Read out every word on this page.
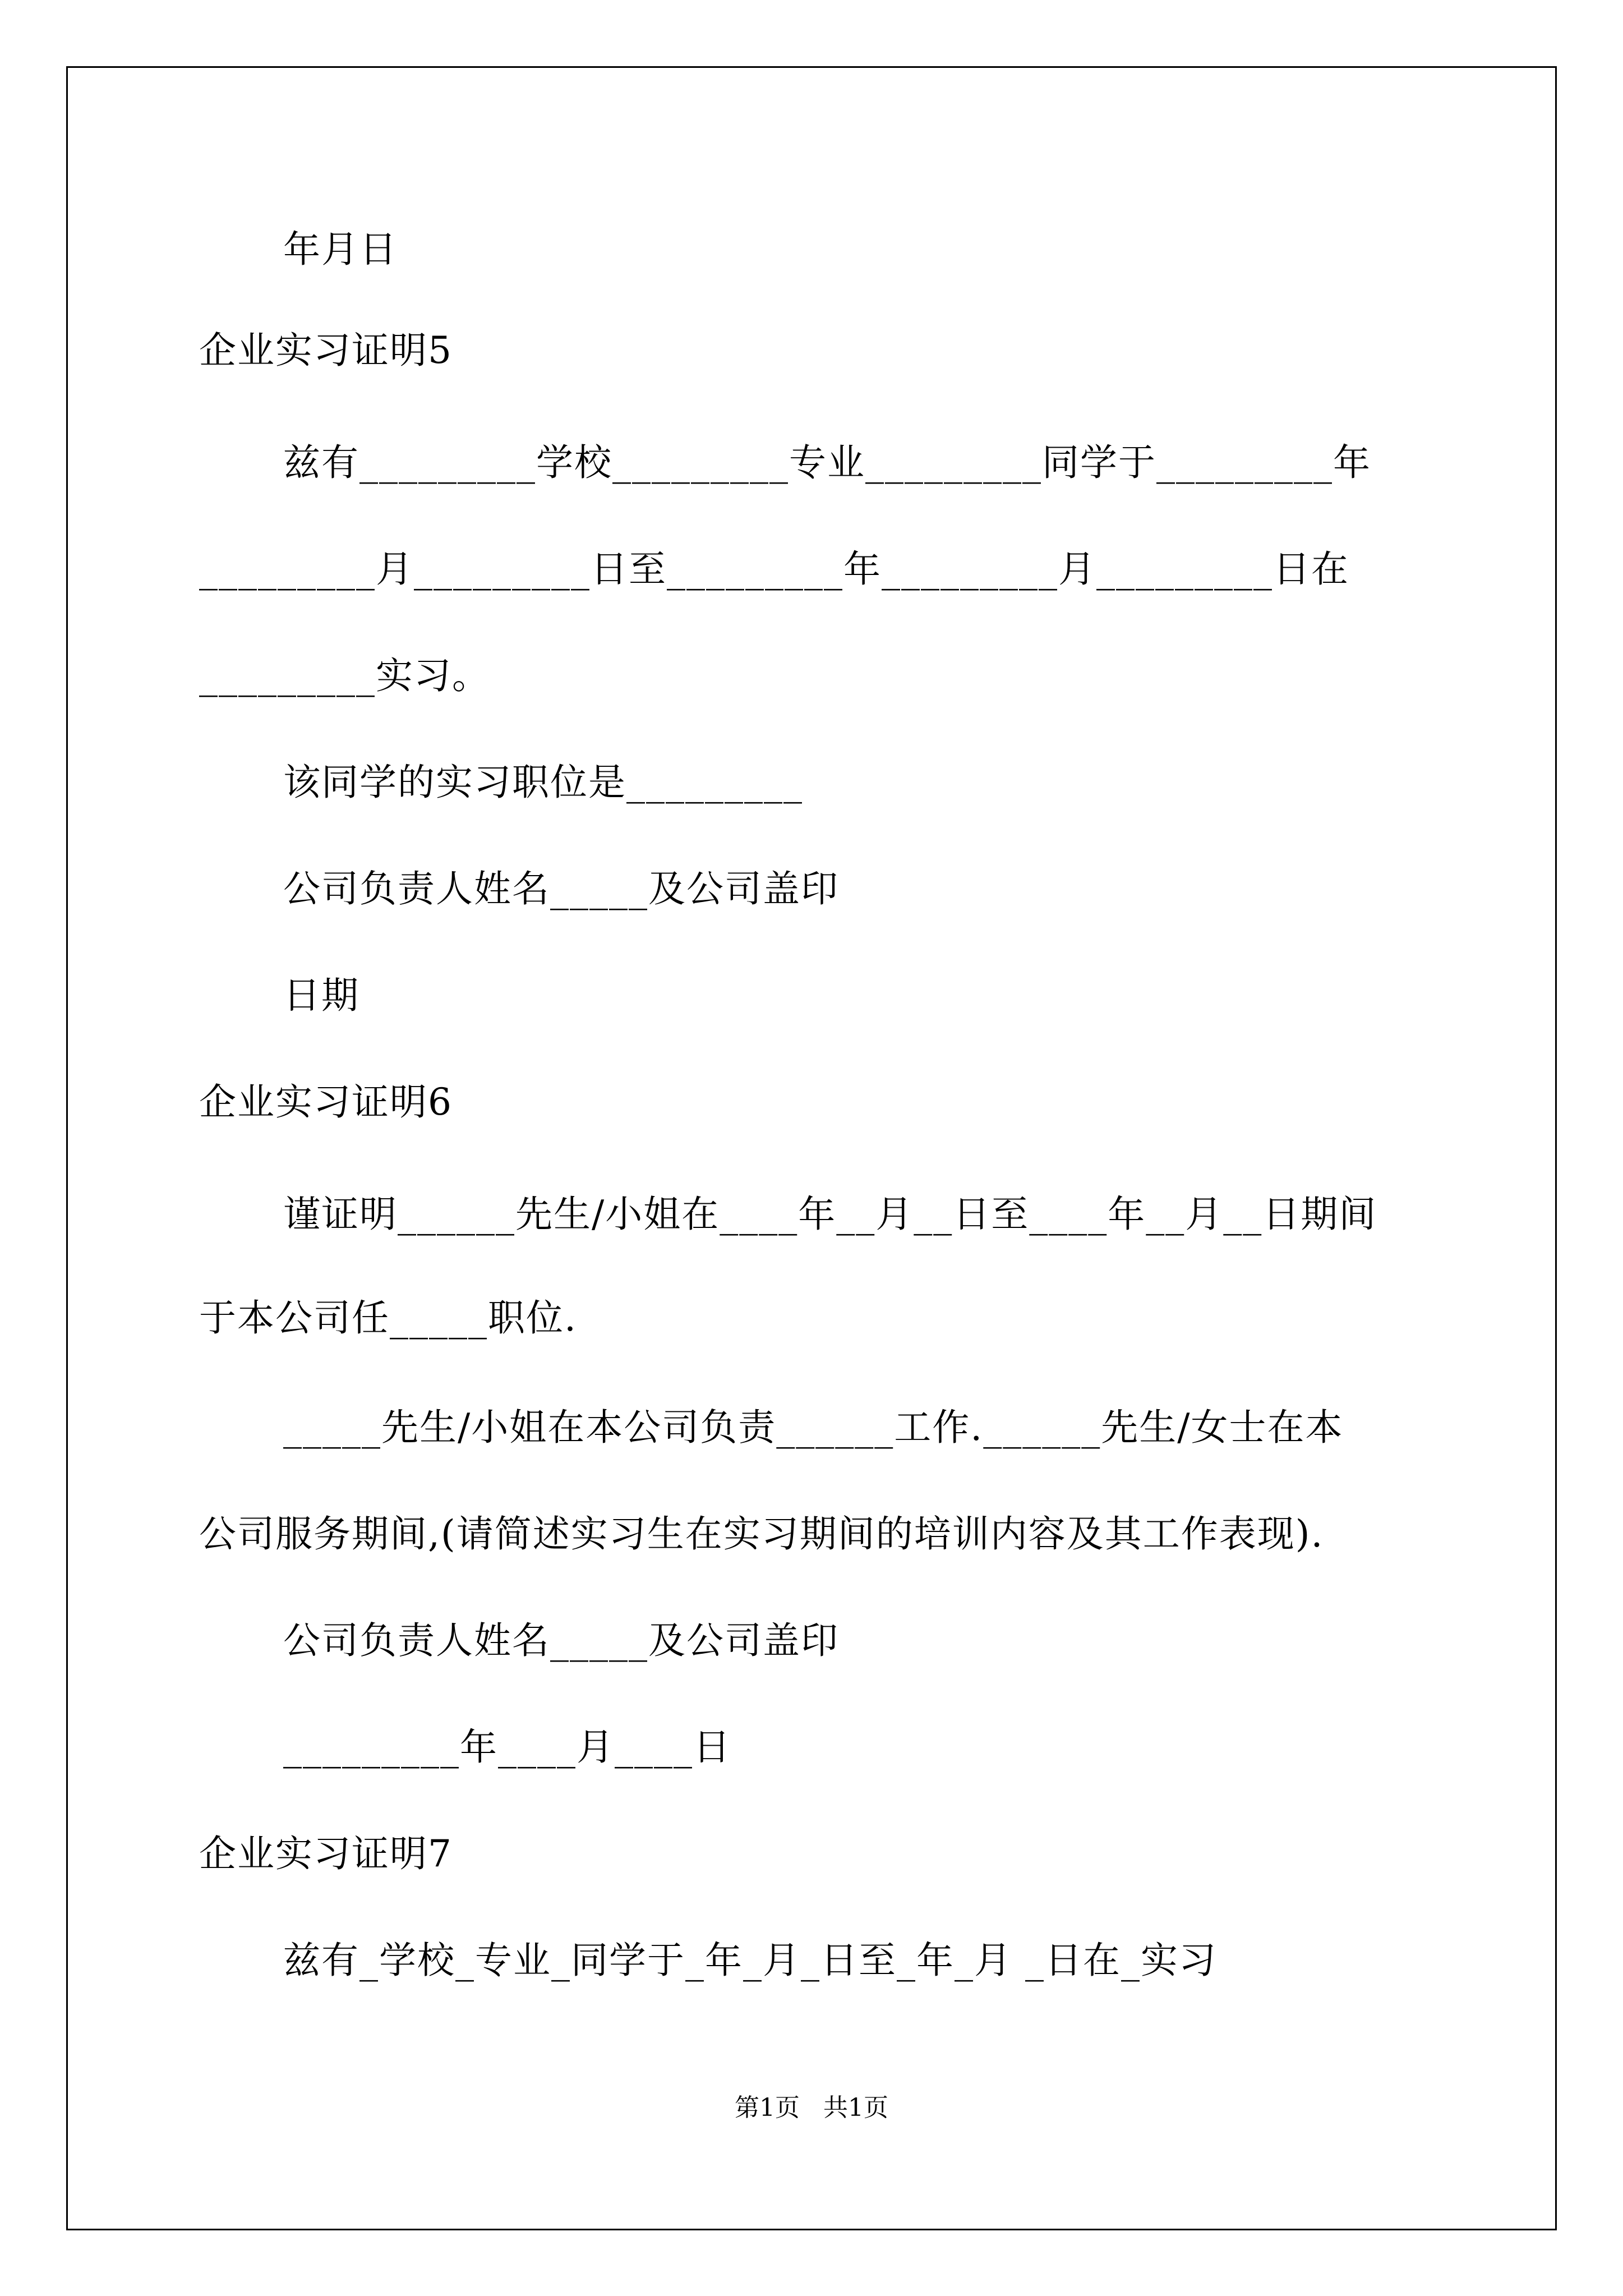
年月日
企业实习证明5
兹有_________学校_________专业_________同学于_________年
_________月_________日至_________年_________月_________日在
_________实习。
该同学的实习职位是_________
公司负责人姓名_____及公司盖印
日期
企业实习证明6
谨证明______先生/小姐在____年__月__日至____年__月__日期间
于本公司任_____职位.
_____先生/小姐在本公司负责______工作.______先生/女士在本
公司服务期间,(请简述实习生在实习期间的培训内容及其工作表现).
公司负责人姓名_____及公司盖印
_________年____月____日
企业实习证明7
兹有_学校_专业_同学于_年_月_日至_年_月 _日在_实习
第1页   共1页
